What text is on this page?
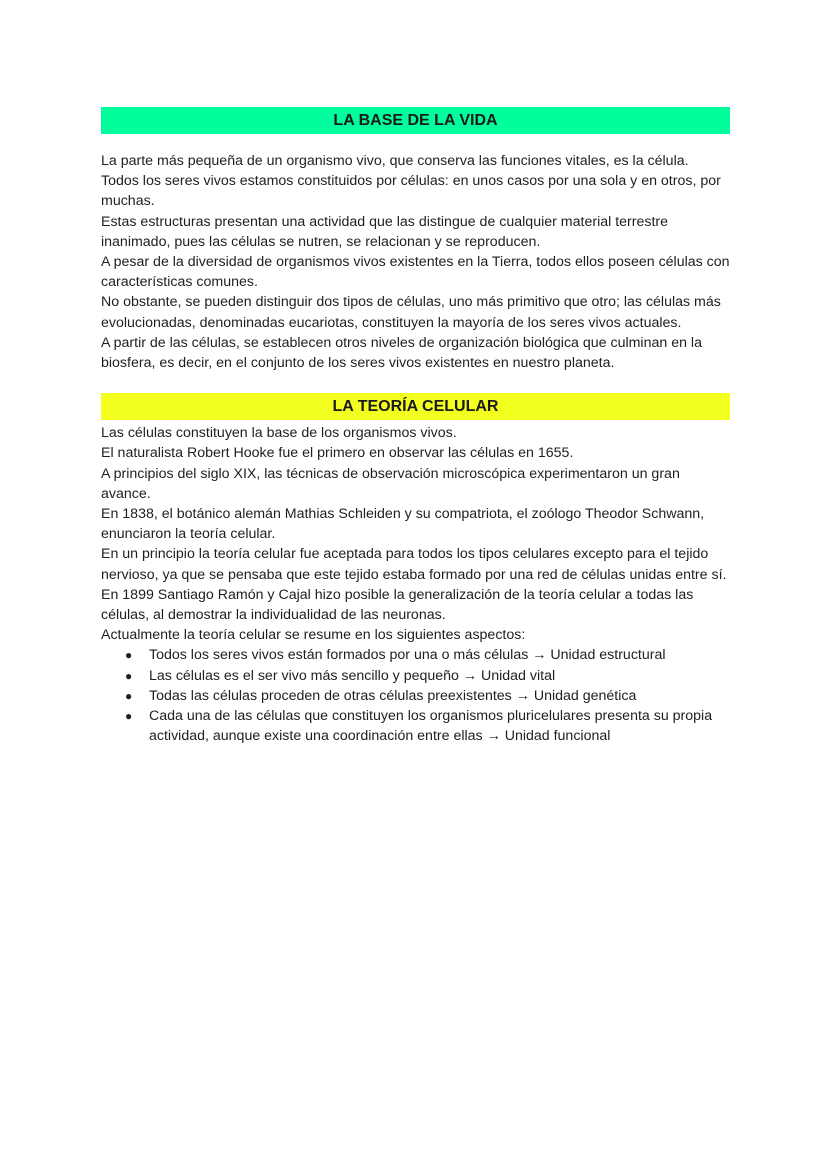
LA BASE DE LA VIDA

La parte más pequeña de un organismo vivo, que conserva las funciones vitales, es la célula. Todos los seres vivos estamos constituidos por células: en unos casos por una sola y en otros, por muchas.

Estas estructuras presentan una actividad que las distingue de cualquier material terrestre inanimado, pues las células se nutren, se relacionan y se reproducen.

A pesar de la diversidad de organismos vivos existentes en la Tierra, todos ellos poseen células con características comunes.

No obstante, se pueden distinguir dos tipos de células, uno más primitivo que otro; las células más evolucionadas, denominadas eucariotas, constituyen la mayoría de los seres vivos actuales.

A partir de las células, se establecen otros niveles de organización biológica que culminan en la biosfera, es decir, en el conjunto de los seres vivos existentes en nuestro planeta.

LA TEORÍA CELULAR

Las células constituyen la base de los organismos vivos.

El naturalista Robert Hooke fue el primero en observar las células en 1655.

A principios del siglo XIX, las técnicas de observación microscópica experimentaron un gran avance.

En 1838, el botánico alemán Mathias Schleiden y su compatriota, el zoólogo Theodor Schwann, enunciaron la teoría celular.

En un principio la teoría celular fue aceptada para todos los tipos celulares excepto para el tejido nervioso, ya que se pensaba que este tejido estaba formado por una red de células unidas entre sí.

En 1899 Santiago Ramón y Cajal hizo posible la generalización de la teoría celular a todas las células, al demostrar la individualidad de las neuronas.

Actualmente la teoría celular se resume en los siguientes aspectos:

● Todos los seres vivos están formados por una o más células → Unidad estructural
● Las células es el ser vivo más sencillo y pequeño → Unidad vital
● Todas las células proceden de otras células preexistentes → Unidad genética
● Cada una de las células que constituyen los organismos pluricelulares presenta su propia actividad, aunque existe una coordinación entre ellas → Unidad funcional
